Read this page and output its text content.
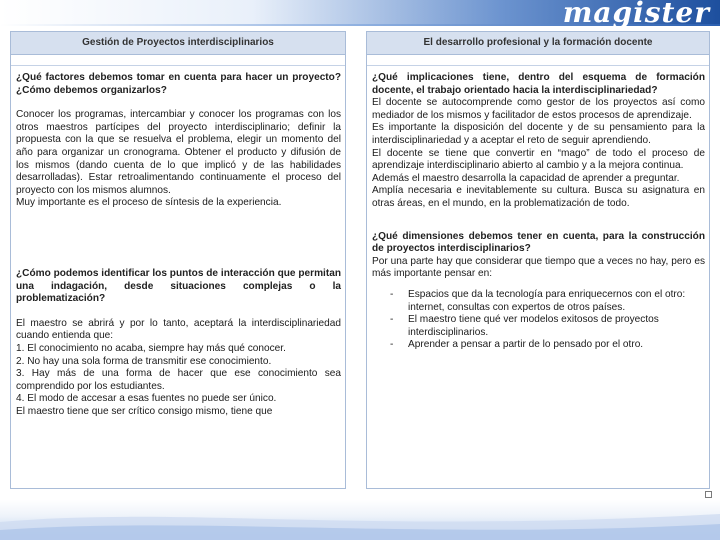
magister
Gestión de Proyectos interdisciplinarios

¿Qué factores debemos tomar en cuenta para hacer un proyecto? ¿Cómo debemos organizarlos?

Conocer los programas, intercambiar y conocer los programas con los otros maestros partícipes del proyecto interdisciplinario; definir la propuesta con la que se resuelva el problema, elegir un momento del año para organizar un cronograma. Obtener el producto y difusión de los mismos (dando cuenta de lo que implicó y de las habilidades desarrolladas). Estar retroalimentando continuamente el proceso del proyecto con los mismos alumnos.

Muy importante es el proceso de síntesis de la experiencia.

¿Cómo podemos identificar los puntos de interacción que permitan una indagación, desde situaciones complejas o la problematización?

El maestro se abrirá y por lo tanto, aceptará la interdisciplinariedad cuando entienda que:

1. El conocimiento no acaba, siempre hay más qué conocer.

2. No hay una sola forma de transmitir ese conocimiento.

3. Hay más de una forma de hacer que ese conocimiento sea comprendido por los estudiantes.

4. El modo de accesar a esas fuentes no puede ser único.

El maestro tiene que ser crítico consigo mismo, tiene que

El desarrollo profesional y la formación docente

¿Qué implicaciones tiene, dentro del esquema de formación docente, el trabajo orientado hacia la interdisciplinariedad?

El docente se autocomprende como gestor de los proyectos así como mediador de los mismos y facilitador de estos procesos de aprendizaje.

Es importante la disposición del docente y de su pensamiento para la interdisciplinariedad y a aceptar el reto de seguir aprendiendo.

El docente se tiene que convertir en “mago” de todo el proceso de aprendizaje interdisciplinario abierto al cambio y a la mejora continua.

Además el maestro desarrolla la capacidad de aprender a preguntar.

Amplía necesaria e inevitablemente su cultura. Busca su asignatura en otras áreas, en el mundo, en la problematización de todo.

¿Qué dimensiones debemos tener en cuenta, para la construcción de proyectos interdisciplinarios?

Por una parte hay que considerar que tiempo que a veces no hay, pero es más importante pensar en:

- Espacios que da la tecnología para enriquecernos con el otro: internet, consultas con expertos de otros países.
- El maestro tiene qué ver modelos exitosos de proyectos interdisciplinarios.
- Aprender a pensar a partir de lo pensado por el otro.
